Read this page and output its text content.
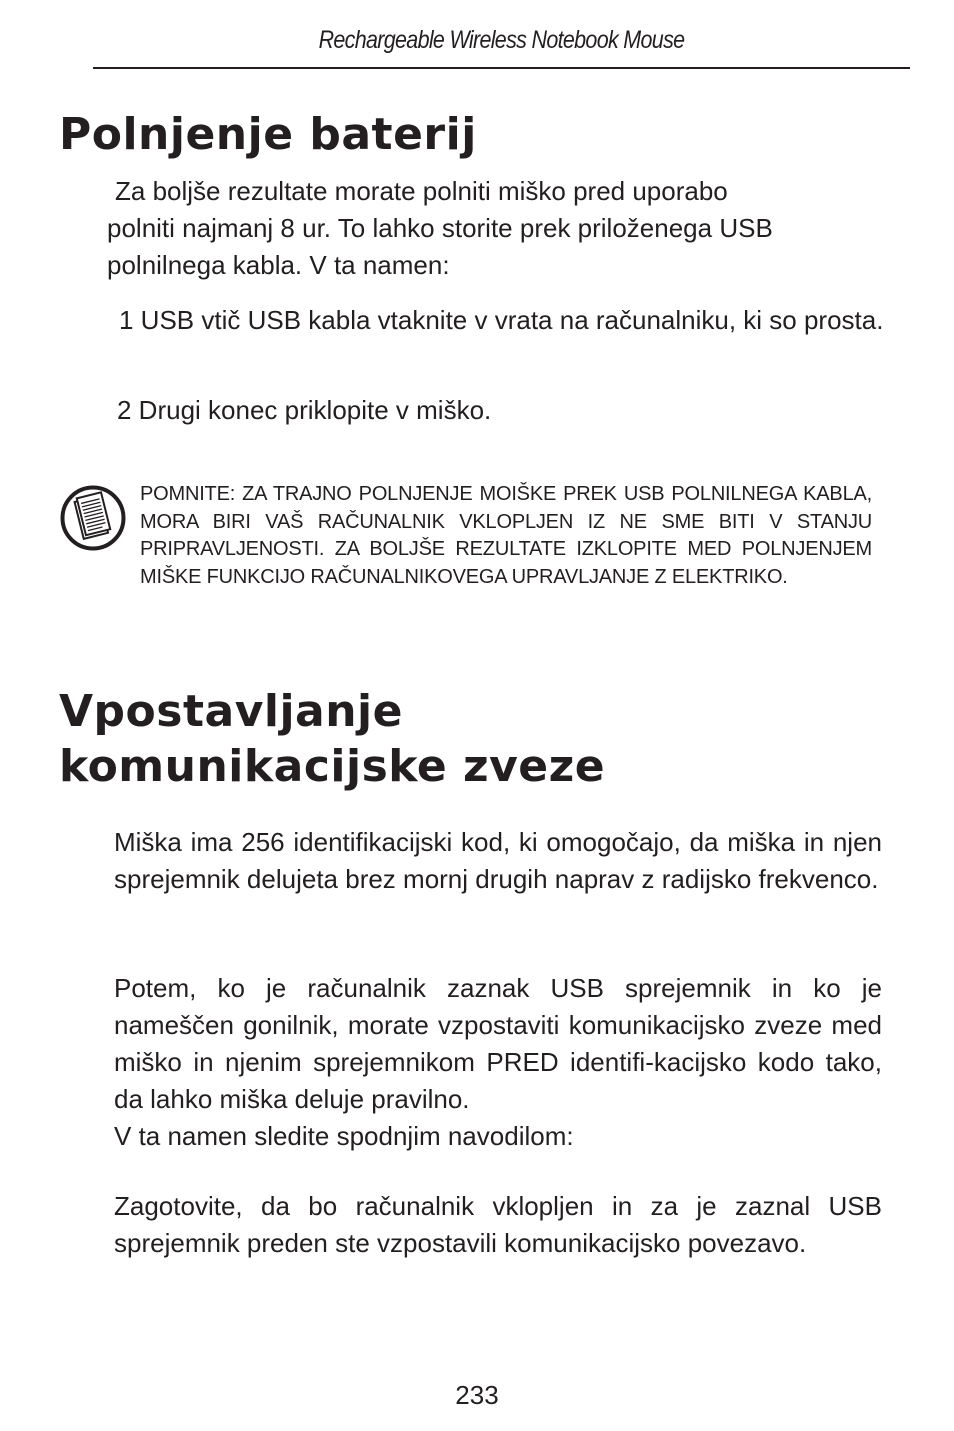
Rechargeable Wireless Notebook Mouse
Polnjenje baterij

Za boljše rezultate morate polniti miško pred uporabo
polniti najmanj 8 ur. To lahko storite prek priloženega USB polnilnega kabla. V ta namen:

1 USB vtič USB kabla vtaknite v vrata na računalniku, ki so prosta.

2 Drugi konec priklopite v miško.

POMNITE: ZA TRAJNO POLNJENJE MOIŠKE PREK USB POLNILNEGA KABLA, MORA BIRI VAŠ RAČUNALNIK VKLOPLJEN IZ NE SME BITI V STANJU PRIPRAVLJENOSTI. ZA BOLJŠE REZULTATE IZKLOPITE MED POLNJENJEM MIŠKE FUNKCIJO RAČUNALNIKOVEGA UPRAVLJANJE Z ELEKTRIKO.

Vpostavljanje
komunikacijske zveze

Miška ima 256 identifikacijski kod, ki omogočajo, da miška in njen sprejemnik delujeta brez mornj drugih naprav z radijsko frekvenco.

Potem, ko je računalnik zaznak USB sprejemnik in ko je nameščen gonilnik, morate vzpostaviti komunikacijsko zveze med miško in njenim sprejemnikom PRED identifi-kacijsko kodo tako, da lahko miška deluje pravilno.
V ta namen sledite spodnjim navodilom:

Zagotovite, da bo računalnik vklopljen in za je zaznal USB sprejemnik preden ste vzpostavili komunikacijsko povezavo.

233
